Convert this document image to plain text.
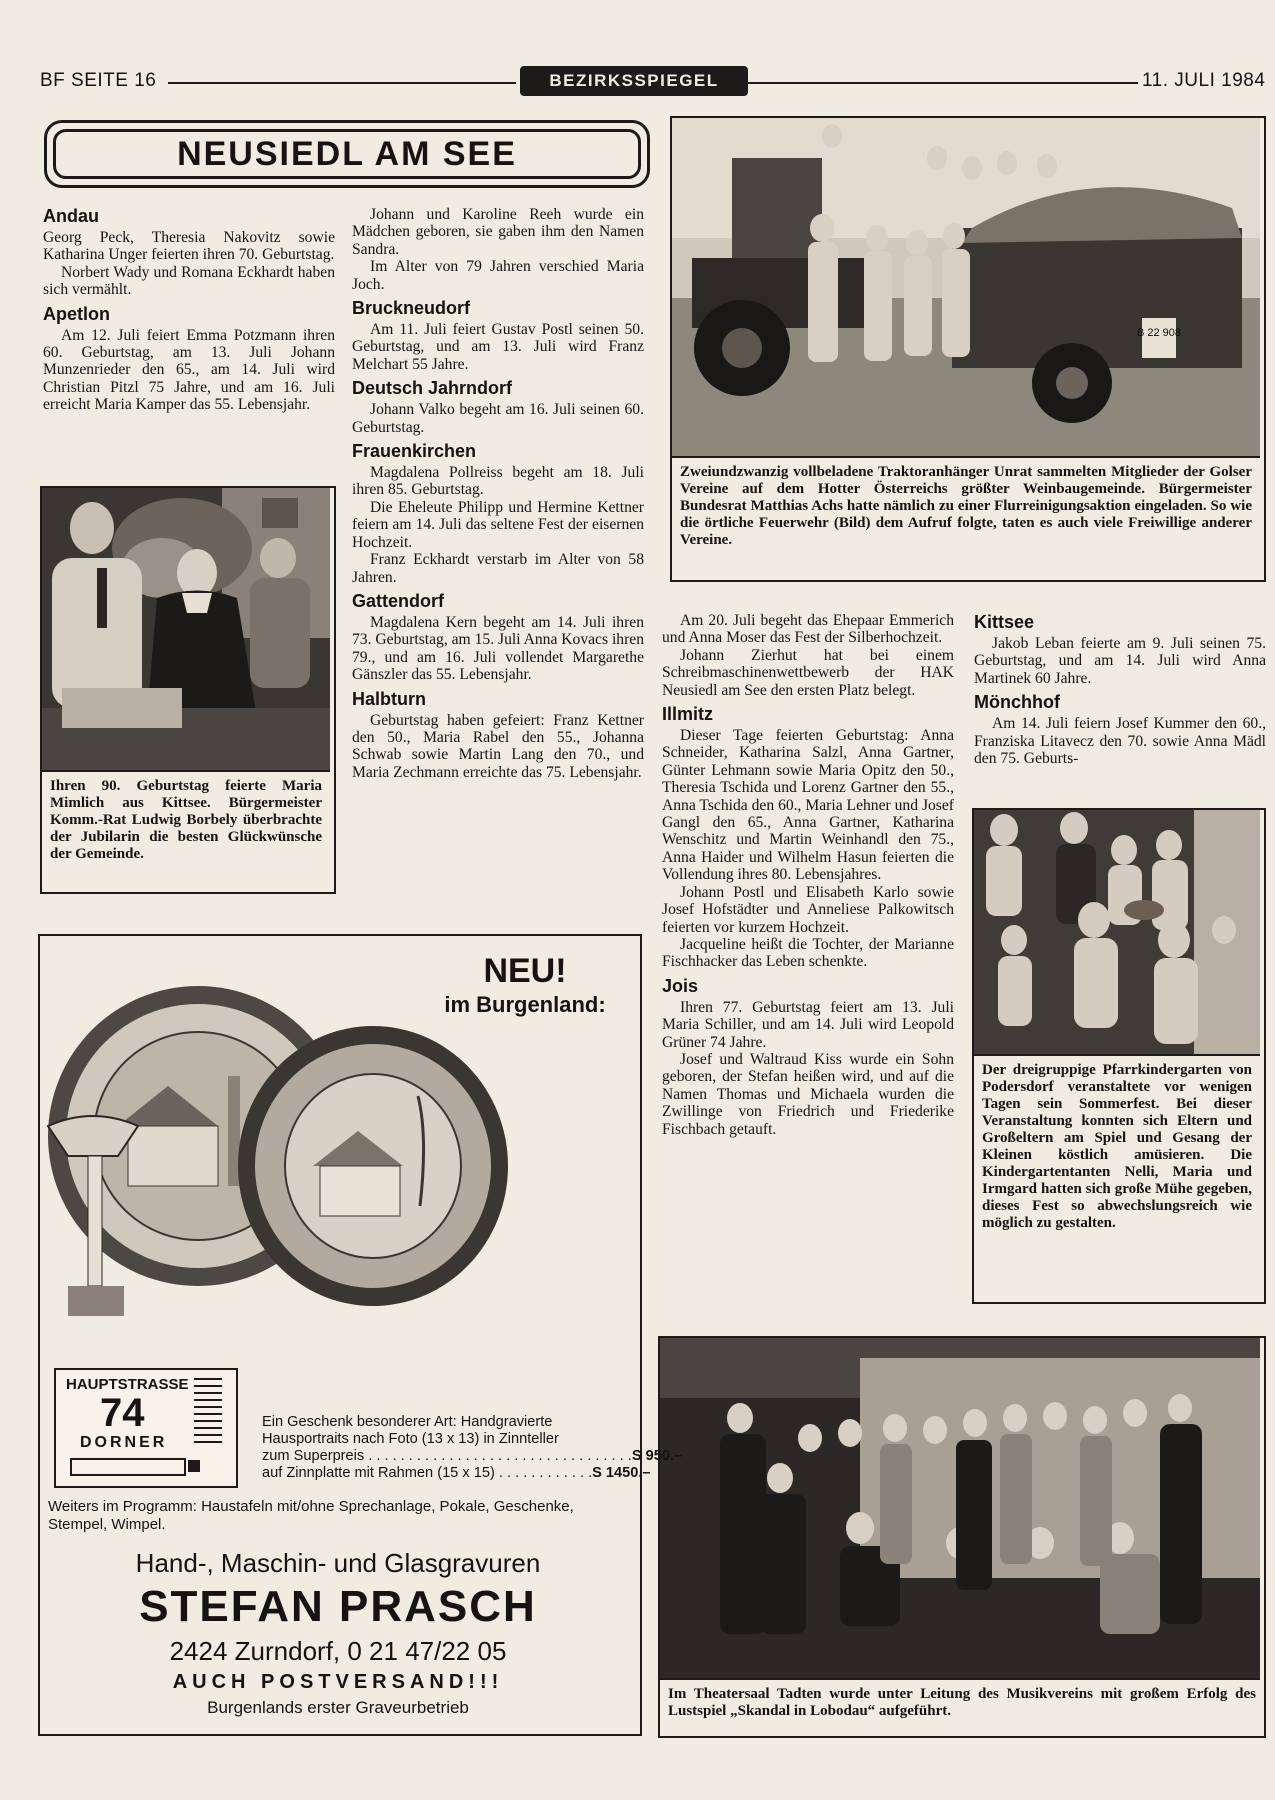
BF SEITE 16	BEZIRKSSPIEGEL	11. JULI 1984
NEUSIEDL AM SEE
Andau

Georg Peck, Theresia Nakovitz sowie Katharina Unger feierten ihren 70. Geburtstag.

Norbert Wady und Romana Eckhardt haben sich vermählt.

Apetlon

Am 12. Juli feiert Emma Potzmann ihren 60. Geburtstag, am 13. Juli Johann Munzenrieder den 65., am 14. Juli wird Christian Pitzl 75 Jahre, und am 16. Juli erreicht Maria Kamper das 55. Lebensjahr.

Ihren 90. Geburtstag feierte Maria Mimlich aus Kittsee. Bürgermeister Komm.-Rat Ludwig Borbely überbrachte der Jubilarin die besten Glückwünsche der Gemeinde.

Johann und Karoline Reeh wurde ein Mädchen geboren, sie gaben ihm den Namen Sandra.

Im Alter von 79 Jahren verschied Maria Joch.

Bruckneudorf

Am 11. Juli feiert Gustav Postl seinen 50. Geburtstag, und am 13. Juli wird Franz Melchart 55 Jahre.

Deutsch Jahrndorf

Johann Valko begeht am 16. Juli seinen 60. Geburtstag.

Frauenkirchen

Magdalena Pollreiss begeht am 18. Juli ihren 85. Geburtstag.

Die Eheleute Philipp und Hermine Kettner feiern am 14. Juli das seltene Fest der eisernen Hochzeit.

Franz Eckhardt verstarb im Alter von 58 Jahren.

Gattendorf

Magdalena Kern begeht am 14. Juli ihren 73. Geburtstag, am 15. Juli Anna Kovacs ihren 79., und am 16. Juli vollendet Margarethe Gänszler das 55. Lebensjahr.

Halbturn

Geburtstag haben gefeiert: Franz Kettner den 50., Maria Rabel den 55., Johanna Schwab sowie Martin Lang den 70., und Maria Zechmann erreichte das 75. Lebensjahr.

B 22 908
Zweiundzwanzig vollbeladene Traktoranhänger Unrat sammelten Mitglieder der Golser Vereine auf dem Hotter Österreichs größter Weinbaugemeinde. Bürgermeister Bundesrat Matthias Achs hatte nämlich zu einer Flurreinigungsaktion eingeladen. So wie die örtliche Feuerwehr (Bild) dem Aufruf folgte, taten es auch viele Freiwillige anderer Vereine.

Am 20. Juli begeht das Ehepaar Emmerich und Anna Moser das Fest der Silberhochzeit.

Johann Zierhut hat bei einem Schreibmaschinenwettbewerb der HAK Neusiedl am See den ersten Platz belegt.

Illmitz

Dieser Tage feierten Geburtstag: Anna Schneider, Katharina Salzl, Anna Gartner, Günter Lehmann sowie Maria Opitz den 50., Theresia Tschida und Lorenz Gartner den 55., Anna Tschida den 60., Maria Lehner und Josef Gangl den 65., Anna Gartner, Katharina Wenschitz und Martin Weinhandl den 75., Anna Haider und Wilhelm Hasun feierten die Vollendung ihres 80. Lebensjahres.

Johann Postl und Elisabeth Karlo sowie Josef Hofstädter und Anneliese Palkowitsch feierten vor kurzem Hochzeit.

Jacqueline heißt die Tochter, der Marianne Fischhacker das Leben schenkte.

Jois

Ihren 77. Geburtstag feiert am 13. Juli Maria Schiller, und am 14. Juli wird Leopold Grüner 74 Jahre.

Josef und Waltraud Kiss wurde ein Sohn geboren, der Stefan heißen wird, und auf die Namen Thomas und Michaela wurden die Zwillinge von Friedrich und Friederike Fischbach getauft.

Kittsee

Jakob Leban feierte am 9. Juli seinen 75. Geburtstag, und am 14. Juli wird Anna Martinek 60 Jahre.

Mönchhof

Am 14. Juli feiern Josef Kummer den 60., Franziska Litavecz den 70. sowie Anna Mädl den 75. Geburts-

Der dreigruppige Pfarrkindergarten von Podersdorf veranstaltete vor wenigen Tagen sein Sommerfest. Bei dieser Veranstaltung konnten sich Eltern und Großeltern am Spiel und Gesang der Kleinen köstlich amüsieren. Die Kindergartentanten Nelli, Maria und Irmgard hatten sich große Mühe gegeben, dieses Fest so abwechslungsreich wie möglich zu gestalten.
Im Theatersaal Tadten wurde unter Leitung des Musikvereins mit großem Erfolg des Lustspiel „Skandal in Lobodau“ aufgeführt.
NEU!
im Burgenland:
HAUPTSTRASSE
74
DORNER
Ein Geschenk besonderer Art: Handgravierte Hausportraits nach Foto (13 x 13) in Zinnteller
zum Superpreis . . . . . . . . . . . . . . . . . . . . . . . . . . . . . . . . . S 950.–
auf Zinnplatte mit Rahmen (15 x 15) . . . . . . . . . . . . S 1450.–
Weiters im Programm: Haustafeln mit/ohne Sprechanlage, Pokale, Geschenke, Stempel, Wimpel.
Hand-, Maschin- und Glasgravuren
STEFAN PRASCH
2424 Zurndorf, 0 21 47/22 05
AUCH POSTVERSAND!!!
Burgenlands erster Graveurbetrieb
